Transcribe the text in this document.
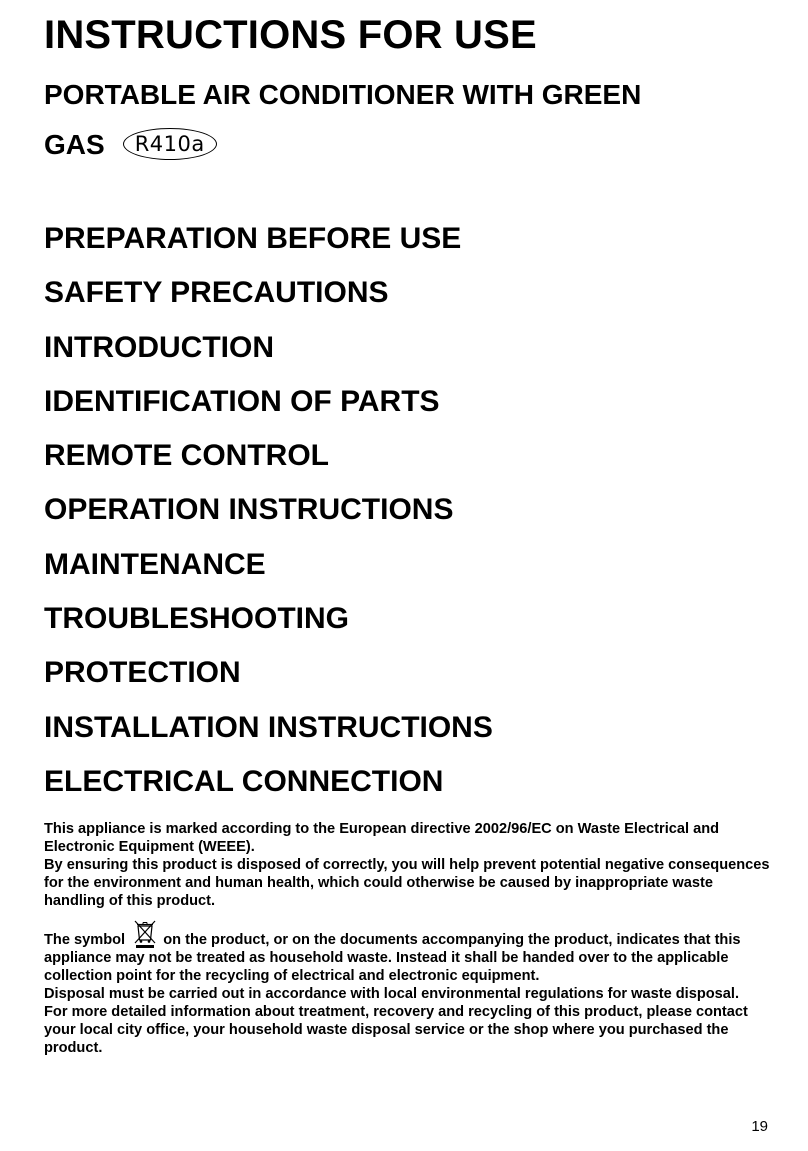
INSTRUCTIONS FOR USE
PORTABLE AIR CONDITIONER WITH GREEN
GAS R410a
PREPARATION BEFORE USE
SAFETY PRECAUTIONS
INTRODUCTION
IDENTIFICATION OF PARTS
REMOTE CONTROL
OPERATION INSTRUCTIONS
MAINTENANCE
TROUBLESHOOTING
PROTECTION
INSTALLATION INSTRUCTIONS
ELECTRICAL CONNECTION

This appliance is marked according to the European directive 2002/96/EC on Waste Electrical and Electronic Equipment (WEEE).

By ensuring this product is disposed of correctly, you will help prevent potential negative consequences for the environment and human health, which could otherwise be caused by inappropriate waste handling of this product.

The symbol  on the product, or on the documents accompanying the product, indicates that this appliance may not be treated as household waste. Instead it shall be handed over to the applicable collection point for the recycling of electrical and electronic equipment.

Disposal must be carried out in accordance with local environmental regulations for waste disposal.

For more detailed information about treatment, recovery and recycling of this product, please contact your local city office, your household waste disposal service or the shop where you purchased the product.

19
